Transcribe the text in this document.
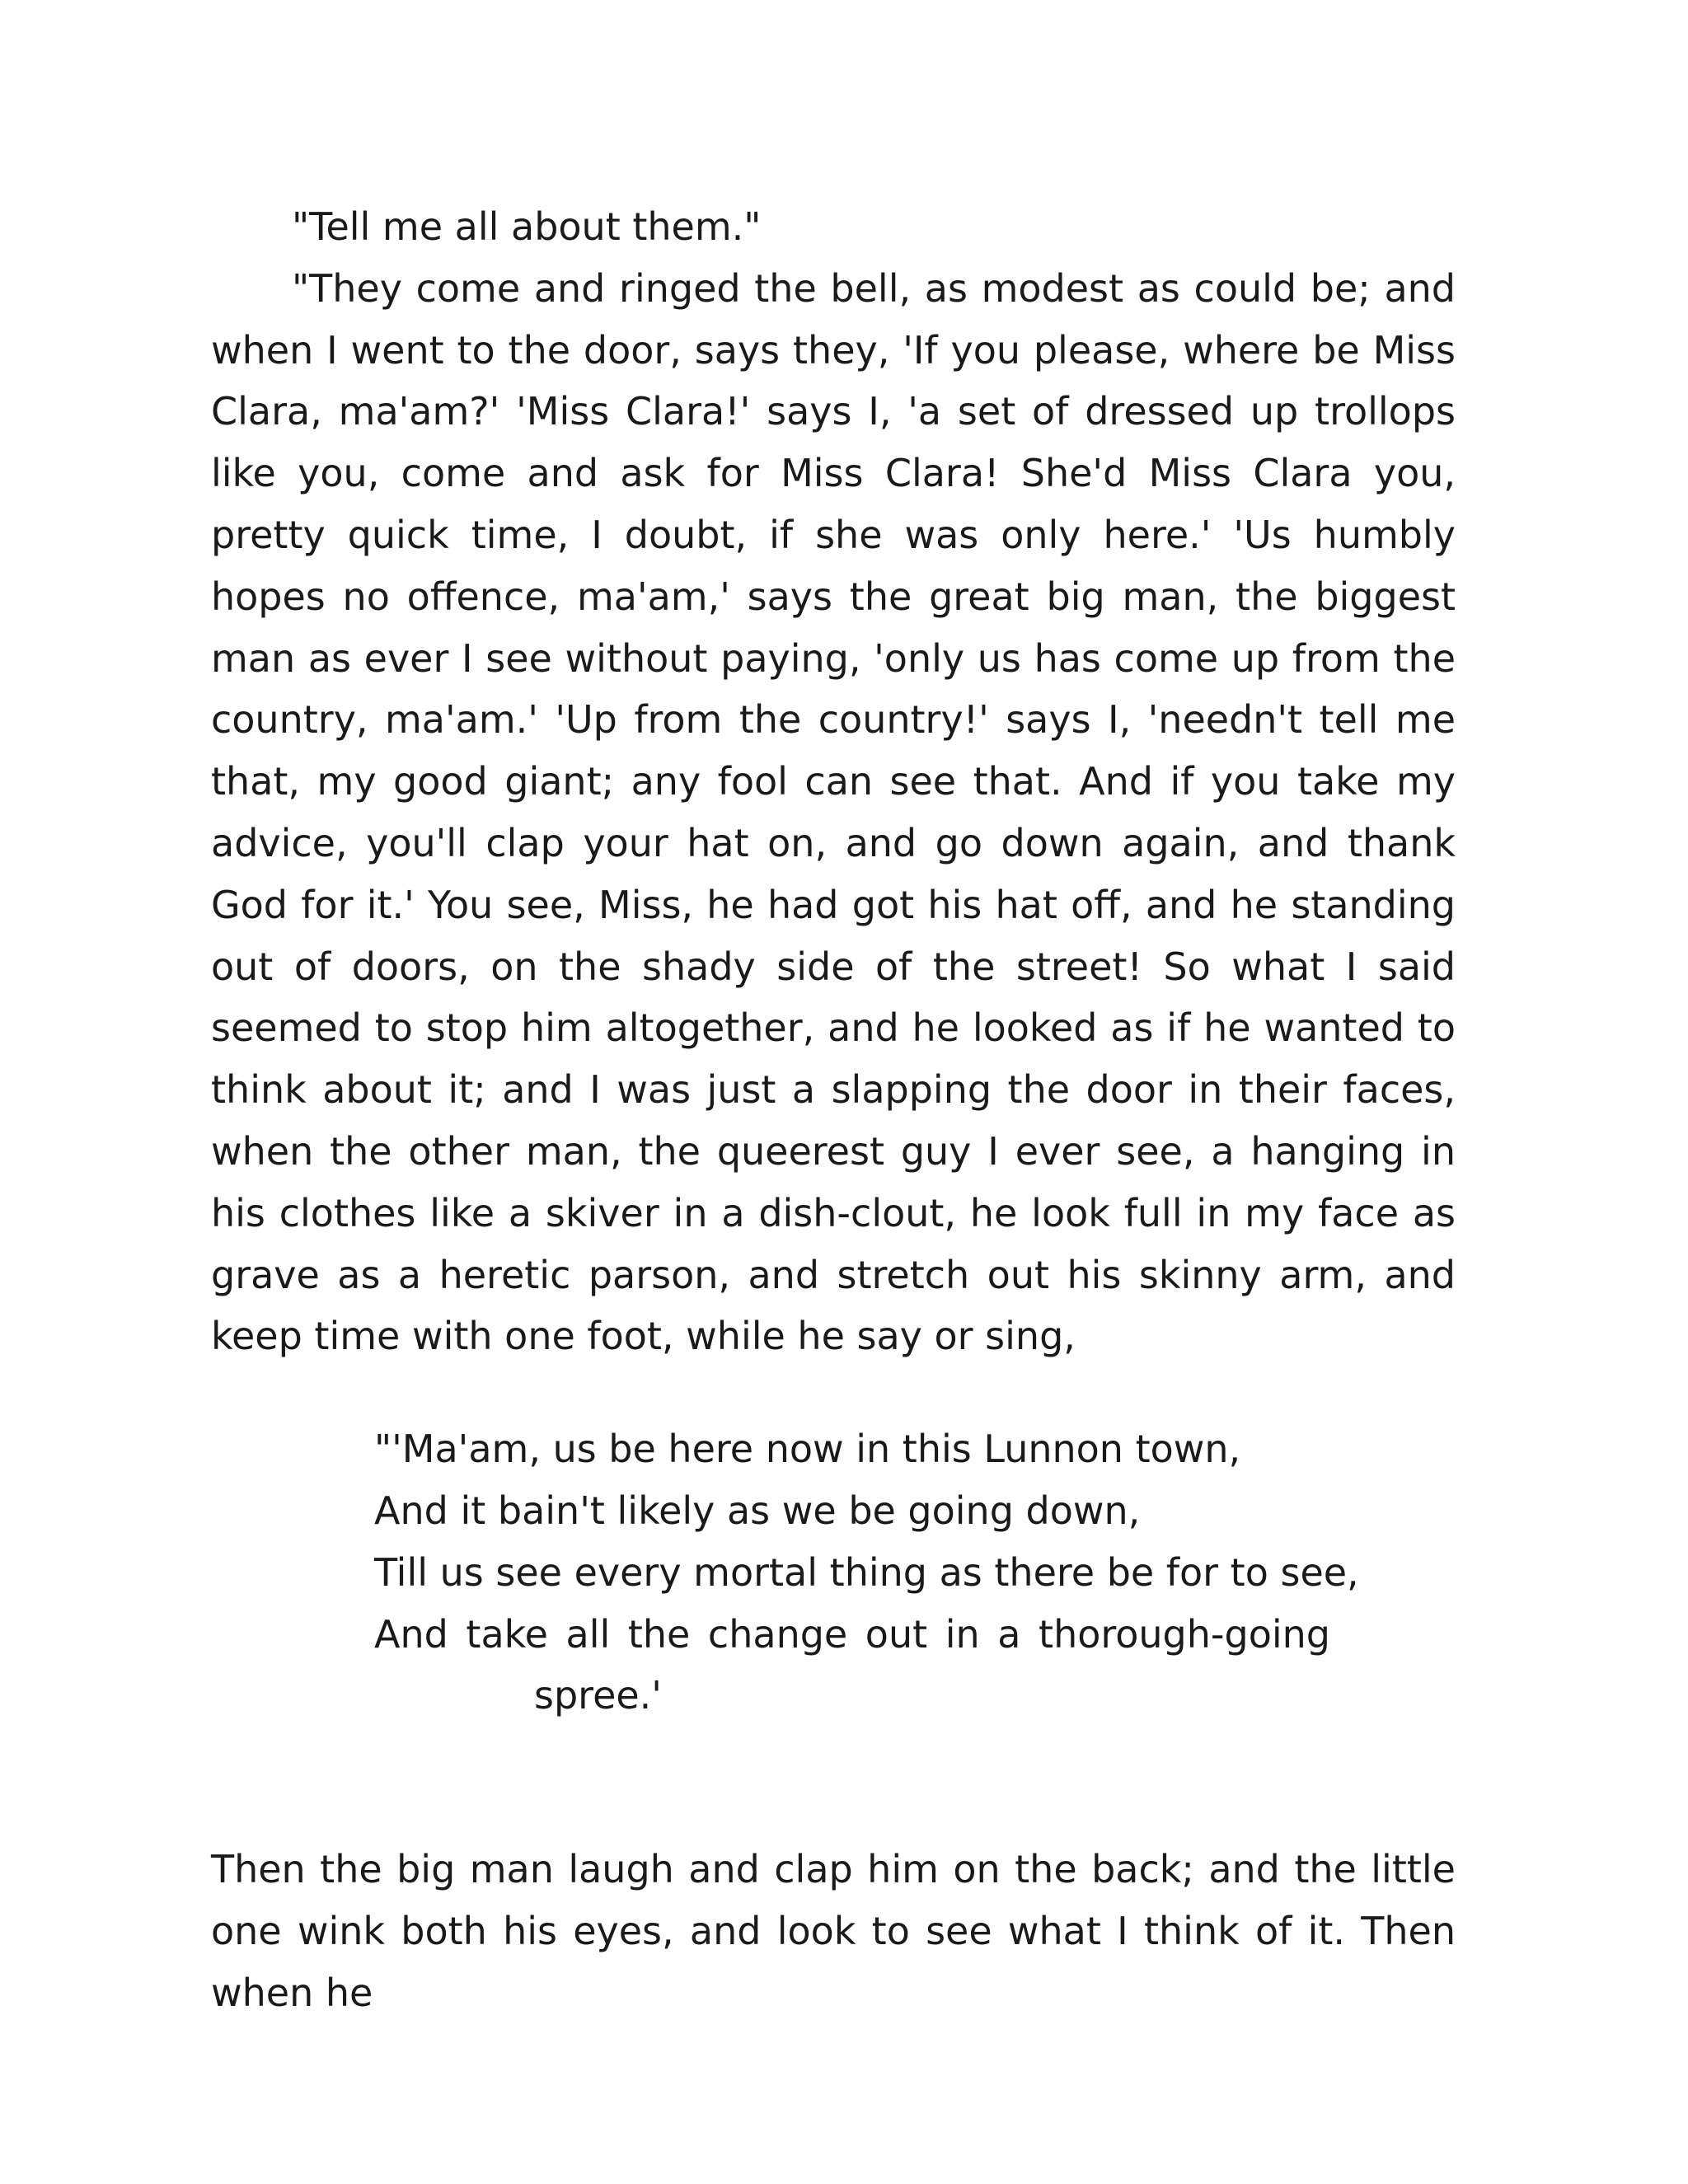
"Tell me all about them."

"They come and ringed the bell, as modest as could be; and when I went to the door, says they, 'If you please, where be Miss Clara, ma'am?' 'Miss Clara!' says I, 'a set of dressed up trollops like you, come and ask for Miss Clara! She'd Miss Clara you, pretty quick time, I doubt, if she was only here.' 'Us humbly hopes no offence, ma'am,' says the great big man, the biggest man as ever I see without paying, 'only us has come up from the country, ma'am.' 'Up from the country!' says I, 'needn't tell me that, my good giant; any fool can see that. And if you take my advice, you'll clap your hat on, and go down again, and thank God for it.' You see, Miss, he had got his hat off, and he standing out of doors, on the shady side of the street! So what I said seemed to stop him altogether, and he looked as if he wanted to think about it; and I was just a slapping the door in their faces, when the other man, the queerest guy I ever see, a hanging in his clothes like a skiver in a dish-clout, he look full in my face as grave as a heretic parson, and stretch out his skinny arm, and keep time with one foot, while he say or sing,

"'Ma'am, us be here now in this Lunnon town,
And it bain't likely as we be going down,
Till us see every mortal thing as there be for to see,
And take all the change out in a thorough-going
spree.'

Then the big man laugh and clap him on the back; and the little one wink both his eyes, and look to see what I think of it. Then when he
